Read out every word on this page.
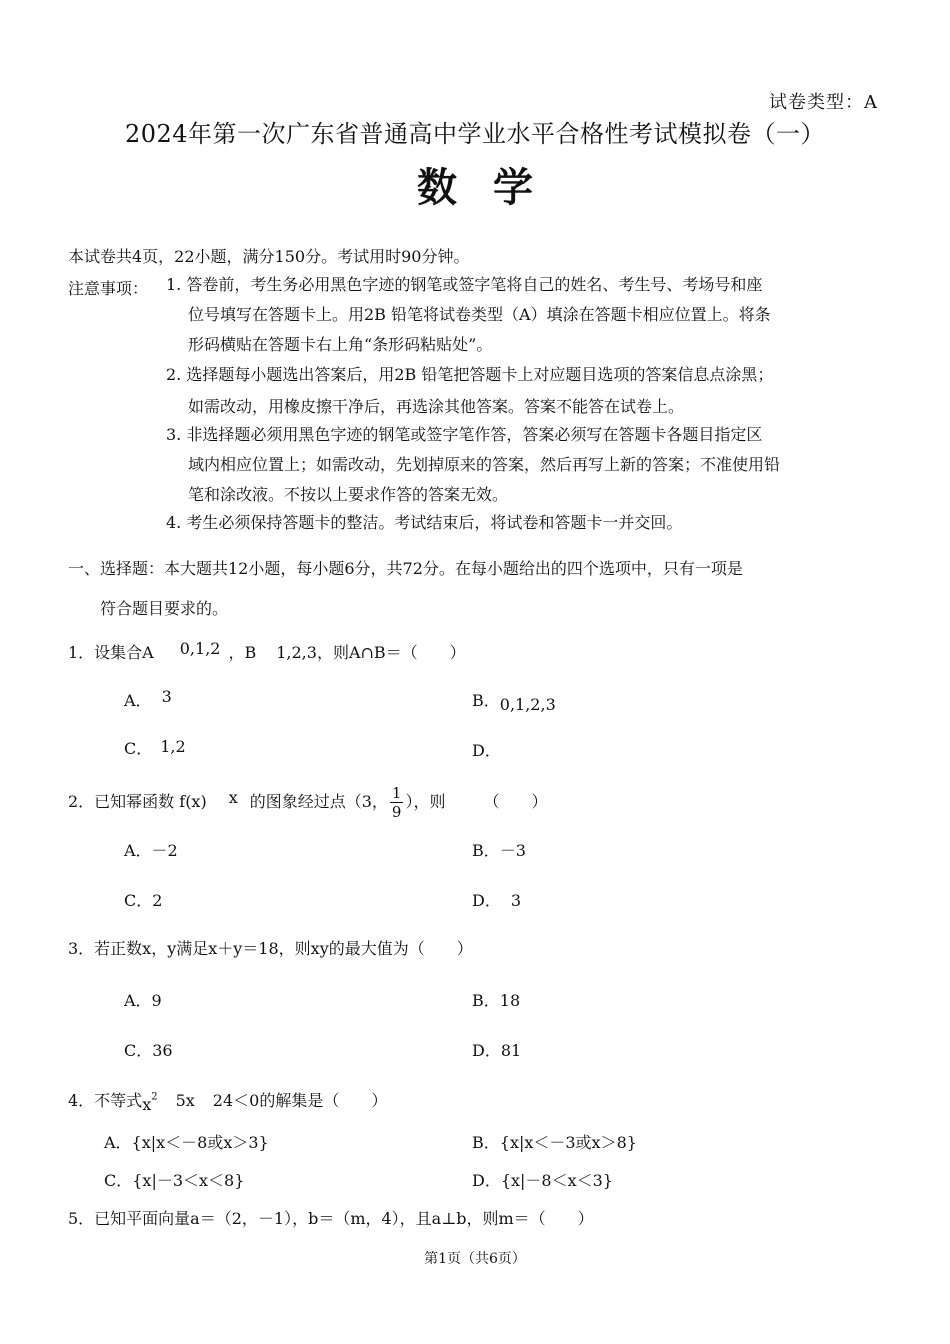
试卷类型：A
2024年第一次广东省普通高中学业水平合格性考试模拟卷（一）
数学
本试卷共4页，22小题，满分150分。考试用时90分钟。
注意事项： 1. 答卷前，考生务必用黑色字迹的钢笔或签字笔将自己的姓名、考生号、考场号和座
位号填写在答题卡上。用2B 铅笔将试卷类型（A）填涂在答题卡相应位置上。将条
形码横贴在答题卡右上角“条形码粘贴处”。
2. 选择题每小题选出答案后，用2B 铅笔把答题卡上对应题目选项的答案信息点涂黑；
如需改动，用橡皮擦干净后，再选涂其他答案。答案不能答在试卷上。
3. 非选择题必须用黑色字迹的钢笔或签字笔作答，答案必须写在答题卡各题目指定区
域内相应位置上；如需改动，先划掉原来的答案，然后再写上新的答案；不准使用铅
笔和涂改液。不按以上要求作答的答案无效。
4. 考生必须保持答题卡的整洁。考试结束后，将试卷和答题卡一并交回。
一、选择题：本大题共12小题，每小题6分，共72分。在每小题给出的四个选项中，只有一项是
符合题目要求的。
1．设集合A 0,1,2 ，B 1,2,3，则A∩B＝（　　）
A． 3	B．0,1,2,3
C． 1,2	D．
2．已知幂函数 f(x) x 的图象经过点（3， $\frac{1}{9}$ ），则 （　　）
A．－2	B．－3
C．2	D． 3
3．若正数x，y满足x＋y＝18，则xy的最大值为（　　）
A．9	B．18
C．36	D．81
4．不等式$x^2$ 5x 24＜0的解集是（　　）
A．{x|x＜－8或x＞3}	B．{x|x＜－3或x＞8}
C．{x|－3＜x＜8}	D．{x|－8＜x＜3}
5．已知平面向量a＝（2，－1），b＝（m，4），且a⊥b，则m＝（　　）
第1页（共6页）
